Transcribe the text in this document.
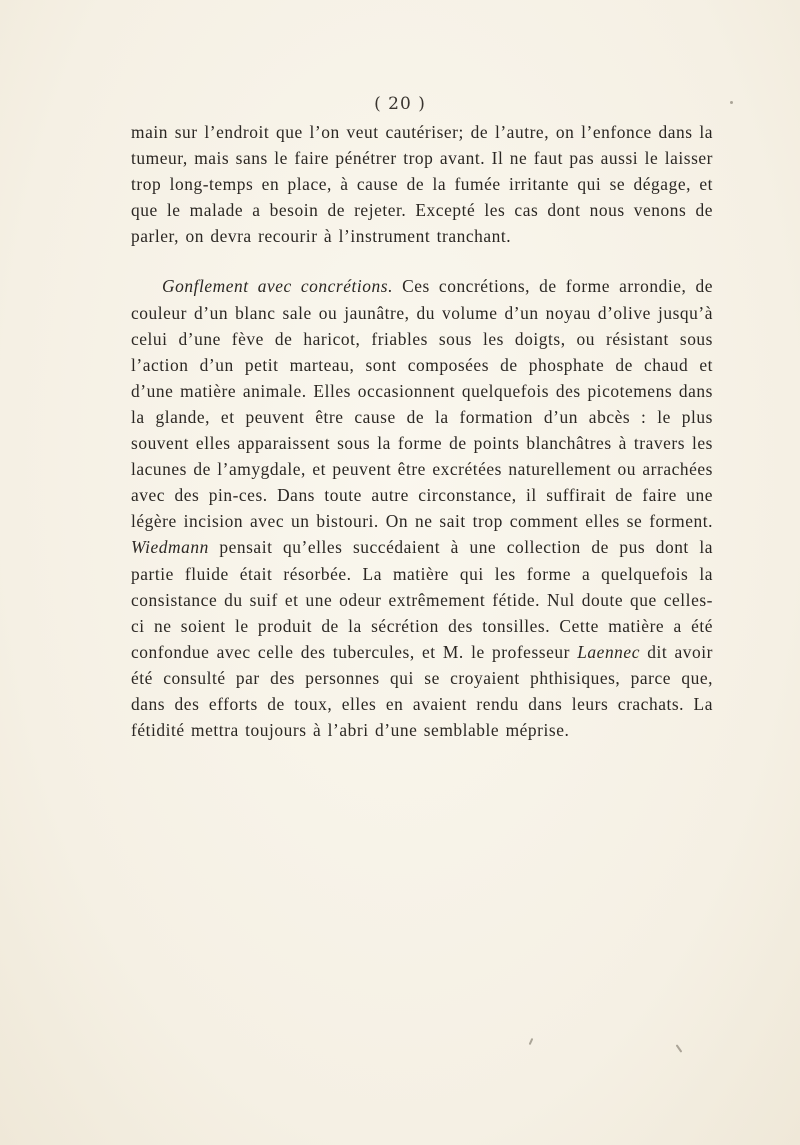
( 20 )

main sur l’endroit que l’on veut cautériser; de l’autre, on l’enfonce dans la tumeur, mais sans le faire pénétrer trop avant. Il ne faut pas aussi le laisser trop long-temps en place, à cause de la fumée irritante qui se dégage, et que le malade a besoin de rejeter. Excepté les cas dont nous venons de parler, on devra recourir à l’instrument tranchant.

Gonflement avec concrétions. Ces concrétions, de forme arrondie, de couleur d’un blanc sale ou jaunâtre, du volume d’un noyau d’olive jusqu’à celui d’une fève de haricot, friables sous les doigts, ou résistant sous l’action d’un petit marteau, sont composées de phosphate de chaud et d’une matière animale. Elles occasionnent quelquefois des picotemens dans la glande, et peuvent être cause de la formation d’un abcès : le plus souvent elles apparaissent sous la forme de points blanchâtres à travers les lacunes de l’amygdale, et peuvent être excrétées naturellement ou arrachées avec des pin-ces. Dans toute autre circonstance, il suffirait de faire une légère incision avec un bistouri. On ne sait trop comment elles se forment. Wiedmann pensait qu’elles succédaient à une collection de pus dont la partie fluide était résorbée. La matière qui les forme a quelquefois la consistance du suif et une odeur extrêmement fétide. Nul doute que celles-ci ne soient le produit de la sécrétion des tonsilles. Cette matière a été confondue avec celle des tubercules, et M. le professeur Laennec dit avoir été consulté par des personnes qui se croyaient phthisiques, parce que, dans des efforts de toux, elles en avaient rendu dans leurs crachats. La fétidité mettra toujours à l’abri d’une semblable méprise.
